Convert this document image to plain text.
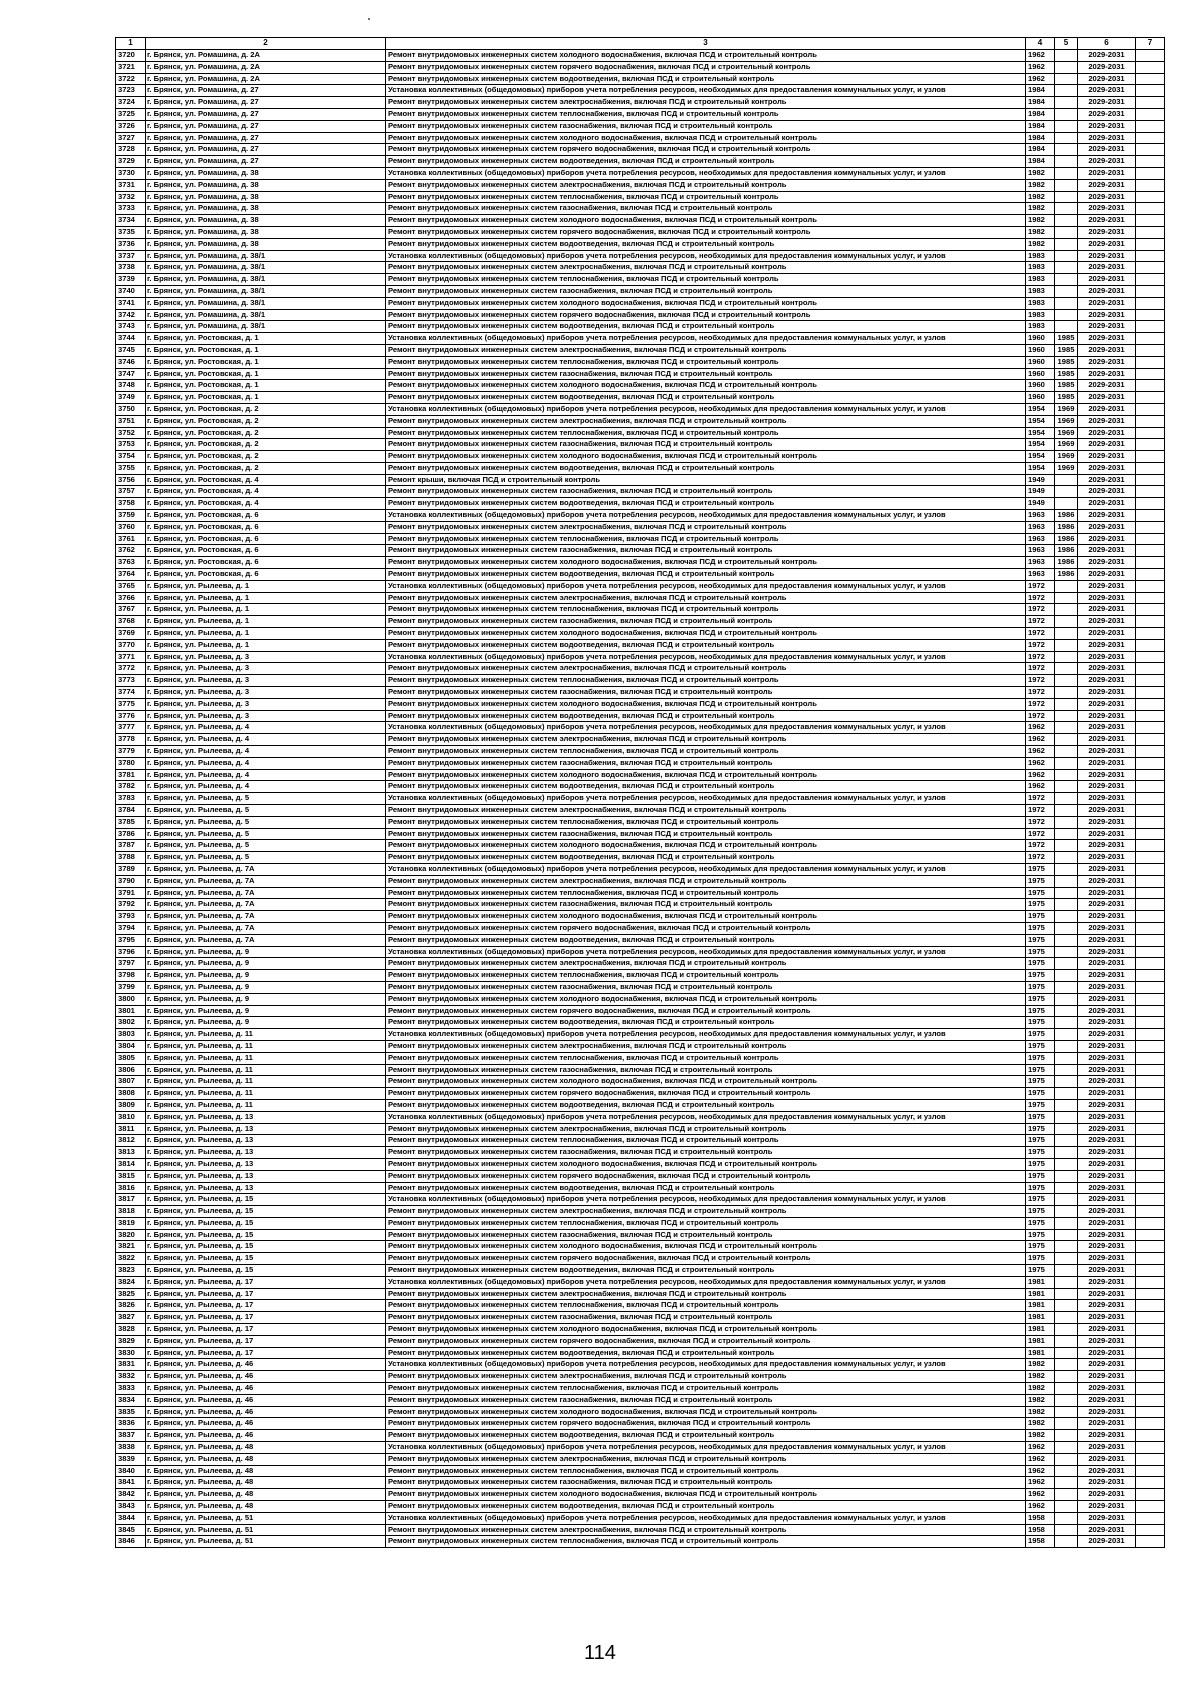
1	2	3	4	5	6	7
3720	г. Брянск, ул. Ромашина, д. 2А	Ремонт внутридомовых инженерных систем холодного водоснабжения, включая ПСД и строительный контроль	1962		2029-2031	
3721	г. Брянск, ул. Ромашина, д. 2А	Ремонт внутридомовых инженерных систем горячего водоснабжения, включая ПСД и строительный контроль	1962		2029-2031	
3722	г. Брянск, ул. Ромашина, д. 2А	Ремонт внутридомовых инженерных систем водоотведения, включая ПСД и строительный контроль	1962		2029-2031	
3723	г. Брянск, ул. Ромашина, д. 27	Установка коллективных (общедомовых) приборов учета потребления ресурсов, необходимых для предоставления коммунальных услуг, и узлов	1984		2029-2031	
3724	г. Брянск, ул. Ромашина, д. 27	Ремонт внутридомовых инженерных систем электроснабжения, включая ПСД и строительный контроль	1984		2029-2031	
3725	г. Брянск, ул. Ромашина, д. 27	Ремонт внутридомовых инженерных систем теплоснабжения, включая ПСД и строительный контроль	1984		2029-2031	
3726	г. Брянск, ул. Ромашина, д. 27	Ремонт внутридомовых инженерных систем газоснабжения, включая ПСД и строительный контроль	1984		2029-2031	
3727	г. Брянск, ул. Ромашина, д. 27	Ремонт внутридомовых инженерных систем холодного водоснабжения, включая ПСД и строительный контроль	1984		2029-2031	
3728	г. Брянск, ул. Ромашина, д. 27	Ремонт внутридомовых инженерных систем горячего водоснабжения, включая ПСД и строительный контроль	1984		2029-2031	
3729	г. Брянск, ул. Ромашина, д. 27	Ремонт внутридомовых инженерных систем водоотведения, включая ПСД и строительный контроль	1984		2029-2031	
3730	г. Брянск, ул. Ромашина, д. 38	Установка коллективных (общедомовых) приборов учета потребления ресурсов, необходимых для предоставления коммунальных услуг, и узлов	1982		2029-2031	
3731	г. Брянск, ул. Ромашина, д. 38	Ремонт внутридомовых инженерных систем электроснабжения, включая ПСД и строительный контроль	1982		2029-2031	
3732	г. Брянск, ул. Ромашина, д. 38	Ремонт внутридомовых инженерных систем теплоснабжения, включая ПСД и строительный контроль	1982		2029-2031	
3733	г. Брянск, ул. Ромашина, д. 38	Ремонт внутридомовых инженерных систем газоснабжения, включая ПСД и строительный контроль	1982		2029-2031	
3734	г. Брянск, ул. Ромашина, д. 38	Ремонт внутридомовых инженерных систем холодного водоснабжения, включая ПСД и строительный контроль	1982		2029-2031	
3735	г. Брянск, ул. Ромашина, д. 38	Ремонт внутридомовых инженерных систем горячего водоснабжения, включая ПСД и строительный контроль	1982		2029-2031	
3736	г. Брянск, ул. Ромашина, д. 38	Ремонт внутридомовых инженерных систем водоотведения, включая ПСД и строительный контроль	1982		2029-2031	
3737	г. Брянск, ул. Ромашина, д. 38/1	Установка коллективных (общедомовых) приборов учета потребления ресурсов, необходимых для предоставления коммунальных услуг, и узлов	1983		2029-2031	
3738	г. Брянск, ул. Ромашина, д. 38/1	Ремонт внутридомовых инженерных систем электроснабжения, включая ПСД и строительный контроль	1983		2029-2031	
3739	г. Брянск, ул. Ромашина, д. 38/1	Ремонт внутридомовых инженерных систем теплоснабжения, включая ПСД и строительный контроль	1983		2029-2031	
3740	г. Брянск, ул. Ромашина, д. 38/1	Ремонт внутридомовых инженерных систем газоснабжения, включая ПСД и строительный контроль	1983		2029-2031	
3741	г. Брянск, ул. Ромашина, д. 38/1	Ремонт внутридомовых инженерных систем холодного водоснабжения, включая ПСД и строительный контроль	1983		2029-2031	
3742	г. Брянск, ул. Ромашина, д. 38/1	Ремонт внутридомовых инженерных систем горячего водоснабжения, включая ПСД и строительный контроль	1983		2029-2031	
3743	г. Брянск, ул. Ромашина, д. 38/1	Ремонт внутридомовых инженерных систем водоотведения, включая ПСД и строительный контроль	1983		2029-2031	
3744	г. Брянск, ул. Ростовская, д. 1	Установка коллективных (общедомовых) приборов учета потребления ресурсов, необходимых для предоставления коммунальных услуг, и узлов	1960	1985	2029-2031	
3745	г. Брянск, ул. Ростовская, д. 1	Ремонт внутридомовых инженерных систем электроснабжения, включая ПСД и строительный контроль	1960	1985	2029-2031	
3746	г. Брянск, ул. Ростовская, д. 1	Ремонт внутридомовых инженерных систем теплоснабжения, включая ПСД и строительный контроль	1960	1985	2029-2031	
3747	г. Брянск, ул. Ростовская, д. 1	Ремонт внутридомовых инженерных систем газоснабжения, включая ПСД и строительный контроль	1960	1985	2029-2031	
3748	г. Брянск, ул. Ростовская, д. 1	Ремонт внутридомовых инженерных систем холодного водоснабжения, включая ПСД и строительный контроль	1960	1985	2029-2031	
3749	г. Брянск, ул. Ростовская, д. 1	Ремонт внутридомовых инженерных систем водоотведения, включая ПСД и строительный контроль	1960	1985	2029-2031	
3750	г. Брянск, ул. Ростовская, д. 2	Установка коллективных (общедомовых) приборов учета потребления ресурсов, необходимых для предоставления коммунальных услуг, и узлов	1954	1969	2029-2031	
3751	г. Брянск, ул. Ростовская, д. 2	Ремонт внутридомовых инженерных систем электроснабжения, включая ПСД и строительный контроль	1954	1969	2029-2031	
3752	г. Брянск, ул. Ростовская, д. 2	Ремонт внутридомовых инженерных систем теплоснабжения, включая ПСД и строительный контроль	1954	1969	2029-2031	
3753	г. Брянск, ул. Ростовская, д. 2	Ремонт внутридомовых инженерных систем газоснабжения, включая ПСД и строительный контроль	1954	1969	2029-2031	
3754	г. Брянск, ул. Ростовская, д. 2	Ремонт внутридомовых инженерных систем холодного водоснабжения, включая ПСД и строительный контроль	1954	1969	2029-2031	
3755	г. Брянск, ул. Ростовская, д. 2	Ремонт внутридомовых инженерных систем водоотведения, включая ПСД и строительный контроль	1954	1969	2029-2031	
3756	г. Брянск, ул. Ростовская, д. 4	Ремонт крыши, включая ПСД и строительный контроль	1949		2029-2031	
3757	г. Брянск, ул. Ростовская, д. 4	Ремонт внутридомовых инженерных систем газоснабжения, включая ПСД и строительный контроль	1949		2029-2031	
3758	г. Брянск, ул. Ростовская, д. 4	Ремонт внутридомовых инженерных систем водоотведения, включая ПСД и строительный контроль	1949		2029-2031	
3759	г. Брянск, ул. Ростовская, д. 6	Установка коллективных (общедомовых) приборов учета потребления ресурсов, необходимых для предоставления коммунальных услуг, и узлов	1963	1986	2029-2031	
3760	г. Брянск, ул. Ростовская, д. 6	Ремонт внутридомовых инженерных систем электроснабжения, включая ПСД и строительный контроль	1963	1986	2029-2031	
3761	г. Брянск, ул. Ростовская, д. 6	Ремонт внутридомовых инженерных систем теплоснабжения, включая ПСД и строительный контроль	1963	1986	2029-2031	
3762	г. Брянск, ул. Ростовская, д. 6	Ремонт внутридомовых инженерных систем газоснабжения, включая ПСД и строительный контроль	1963	1986	2029-2031	
3763	г. Брянск, ул. Ростовская, д. 6	Ремонт внутридомовых инженерных систем холодного водоснабжения, включая ПСД и строительный контроль	1963	1986	2029-2031	
3764	г. Брянск, ул. Ростовская, д. 6	Ремонт внутридомовых инженерных систем водоотведения, включая ПСД и строительный контроль	1963	1986	2029-2031	
3765	г. Брянск, ул. Рылеева, д. 1	Установка коллективных (общедомовых) приборов учета потребления ресурсов, необходимых для предоставления коммунальных услуг, и узлов	1972		2029-2031	
3766	г. Брянск, ул. Рылеева, д. 1	Ремонт внутридомовых инженерных систем электроснабжения, включая ПСД и строительный контроль	1972		2029-2031	
3767	г. Брянск, ул. Рылеева, д. 1	Ремонт внутридомовых инженерных систем теплоснабжения, включая ПСД и строительный контроль	1972		2029-2031	
3768	г. Брянск, ул. Рылеева, д. 1	Ремонт внутридомовых инженерных систем газоснабжения, включая ПСД и строительный контроль	1972		2029-2031	
3769	г. Брянск, ул. Рылеева, д. 1	Ремонт внутридомовых инженерных систем холодного водоснабжения, включая ПСД и строительный контроль	1972		2029-2031	
3770	г. Брянск, ул. Рылеева, д. 1	Ремонт внутридомовых инженерных систем водоотведения, включая ПСД и строительный контроль	1972		2029-2031	
3771	г. Брянск, ул. Рылеева, д. 3	Установка коллективных (общедомовых) приборов учета потребления ресурсов, необходимых для предоставления коммунальных услуг, и узлов	1972		2029-2031	
3772	г. Брянск, ул. Рылеева, д. 3	Ремонт внутридомовых инженерных систем электроснабжения, включая ПСД и строительный контроль	1972		2029-2031	
3773	г. Брянск, ул. Рылеева, д. 3	Ремонт внутридомовых инженерных систем теплоснабжения, включая ПСД и строительный контроль	1972		2029-2031	
3774	г. Брянск, ул. Рылеева, д. 3	Ремонт внутридомовых инженерных систем газоснабжения, включая ПСД и строительный контроль	1972		2029-2031	
3775	г. Брянск, ул. Рылеева, д. 3	Ремонт внутридомовых инженерных систем холодного водоснабжения, включая ПСД и строительный контроль	1972		2029-2031	
3776	г. Брянск, ул. Рылеева, д. 3	Ремонт внутридомовых инженерных систем водоотведения, включая ПСД и строительный контроль	1972		2029-2031	
3777	г. Брянск, ул. Рылеева, д. 4	Установка коллективных (общедомовых) приборов учета потребления ресурсов, необходимых для предоставления коммунальных услуг, и узлов	1962		2029-2031	
3778	г. Брянск, ул. Рылеева, д. 4	Ремонт внутридомовых инженерных систем электроснабжения, включая ПСД и строительный контроль	1962		2029-2031	
3779	г. Брянск, ул. Рылеева, д. 4	Ремонт внутридомовых инженерных систем теплоснабжения, включая ПСД и строительный контроль	1962		2029-2031	
3780	г. Брянск, ул. Рылеева, д. 4	Ремонт внутридомовых инженерных систем газоснабжения, включая ПСД и строительный контроль	1962		2029-2031	
3781	г. Брянск, ул. Рылеева, д. 4	Ремонт внутридомовых инженерных систем холодного водоснабжения, включая ПСД и строительный контроль	1962		2029-2031	
3782	г. Брянск, ул. Рылеева, д. 4	Ремонт внутридомовых инженерных систем водоотведения, включая ПСД и строительный контроль	1962		2029-2031	
3783	г. Брянск, ул. Рылеева, д. 5	Установка коллективных (общедомовых) приборов учета потребления ресурсов, необходимых для предоставления коммунальных услуг, и узлов	1972		2029-2031	
3784	г. Брянск, ул. Рылеева, д. 5	Ремонт внутридомовых инженерных систем электроснабжения, включая ПСД и строительный контроль	1972		2029-2031	
3785	г. Брянск, ул. Рылеева, д. 5	Ремонт внутридомовых инженерных систем теплоснабжения, включая ПСД и строительный контроль	1972		2029-2031	
3786	г. Брянск, ул. Рылеева, д. 5	Ремонт внутридомовых инженерных систем газоснабжения, включая ПСД и строительный контроль	1972		2029-2031	
3787	г. Брянск, ул. Рылеева, д. 5	Ремонт внутридомовых инженерных систем холодного водоснабжения, включая ПСД и строительный контроль	1972		2029-2031	
3788	г. Брянск, ул. Рылеева, д. 5	Ремонт внутридомовых инженерных систем водоотведения, включая ПСД и строительный контроль	1972		2029-2031	
3789	г. Брянск, ул. Рылеева, д. 7А	Установка коллективных (общедомовых) приборов учета потребления ресурсов, необходимых для предоставления коммунальных услуг, и узлов	1975		2029-2031	
3790	г. Брянск, ул. Рылеева, д. 7А	Ремонт внутридомовых инженерных систем электроснабжения, включая ПСД и строительный контроль	1975		2029-2031	
3791	г. Брянск, ул. Рылеева, д. 7А	Ремонт внутридомовых инженерных систем теплоснабжения, включая ПСД и строительный контроль	1975		2029-2031	
3792	г. Брянск, ул. Рылеева, д. 7А	Ремонт внутридомовых инженерных систем газоснабжения, включая ПСД и строительный контроль	1975		2029-2031	
3793	г. Брянск, ул. Рылеева, д. 7А	Ремонт внутридомовых инженерных систем холодного водоснабжения, включая ПСД и строительный контроль	1975		2029-2031	
3794	г. Брянск, ул. Рылеева, д. 7А	Ремонт внутридомовых инженерных систем горячего водоснабжения, включая ПСД и строительный контроль	1975		2029-2031	
3795	г. Брянск, ул. Рылеева, д. 7А	Ремонт внутридомовых инженерных систем водоотведения, включая ПСД и строительный контроль	1975		2029-2031	
3796	г. Брянск, ул. Рылеева, д. 9	Установка коллективных (общедомовых) приборов учета потребления ресурсов, необходимых для предоставления коммунальных услуг, и узлов	1975		2029-2031	
3797	г. Брянск, ул. Рылеева, д. 9	Ремонт внутридомовых инженерных систем электроснабжения, включая ПСД и строительный контроль	1975		2029-2031	
3798	г. Брянск, ул. Рылеева, д. 9	Ремонт внутридомовых инженерных систем теплоснабжения, включая ПСД и строительный контроль	1975		2029-2031	
3799	г. Брянск, ул. Рылеева, д. 9	Ремонт внутридомовых инженерных систем газоснабжения, включая ПСД и строительный контроль	1975		2029-2031	
3800	г. Брянск, ул. Рылеева, д. 9	Ремонт внутридомовых инженерных систем холодного водоснабжения, включая ПСД и строительный контроль	1975		2029-2031	
3801	г. Брянск, ул. Рылеева, д. 9	Ремонт внутридомовых инженерных систем горячего водоснабжения, включая ПСД и строительный контроль	1975		2029-2031	
3802	г. Брянск, ул. Рылеева, д. 9	Ремонт внутридомовых инженерных систем водоотведения, включая ПСД и строительный контроль	1975		2029-2031	
3803	г. Брянск, ул. Рылеева, д. 11	Установка коллективных (общедомовых) приборов учета потребления ресурсов, необходимых для предоставления коммунальных услуг, и узлов	1975		2029-2031	
3804	г. Брянск, ул. Рылеева, д. 11	Ремонт внутридомовых инженерных систем электроснабжения, включая ПСД и строительный контроль	1975		2029-2031	
3805	г. Брянск, ул. Рылеева, д. 11	Ремонт внутридомовых инженерных систем теплоснабжения, включая ПСД и строительный контроль	1975		2029-2031	
3806	г. Брянск, ул. Рылеева, д. 11	Ремонт внутридомовых инженерных систем газоснабжения, включая ПСД и строительный контроль	1975		2029-2031	
3807	г. Брянск, ул. Рылеева, д. 11	Ремонт внутридомовых инженерных систем холодного водоснабжения, включая ПСД и строительный контроль	1975		2029-2031	
3808	г. Брянск, ул. Рылеева, д. 11	Ремонт внутридомовых инженерных систем горячего водоснабжения, включая ПСД и строительный контроль	1975		2029-2031	
3809	г. Брянск, ул. Рылеева, д. 11	Ремонт внутридомовых инженерных систем водоотведения, включая ПСД и строительный контроль	1975		2029-2031	
3810	г. Брянск, ул. Рылеева, д. 13	Установка коллективных (общедомовых) приборов учета потребления ресурсов, необходимых для предоставления коммунальных услуг, и узлов	1975		2029-2031	
3811	г. Брянск, ул. Рылеева, д. 13	Ремонт внутридомовых инженерных систем электроснабжения, включая ПСД и строительный контроль	1975		2029-2031	
3812	г. Брянск, ул. Рылеева, д. 13	Ремонт внутридомовых инженерных систем теплоснабжения, включая ПСД и строительный контроль	1975		2029-2031	
3813	г. Брянск, ул. Рылеева, д. 13	Ремонт внутридомовых инженерных систем газоснабжения, включая ПСД и строительный контроль	1975		2029-2031	
3814	г. Брянск, ул. Рылеева, д. 13	Ремонт внутридомовых инженерных систем холодного водоснабжения, включая ПСД и строительный контроль	1975		2029-2031	
3815	г. Брянск, ул. Рылеева, д. 13	Ремонт внутридомовых инженерных систем горячего водоснабжения, включая ПСД и строительный контроль	1975		2029-2031	
3816	г. Брянск, ул. Рылеева, д. 13	Ремонт внутридомовых инженерных систем водоотведения, включая ПСД и строительный контроль	1975		2029-2031	
3817	г. Брянск, ул. Рылеева, д. 15	Установка коллективных (общедомовых) приборов учета потребления ресурсов, необходимых для предоставления коммунальных услуг, и узлов	1975		2029-2031	
3818	г. Брянск, ул. Рылеева, д. 15	Ремонт внутридомовых инженерных систем электроснабжения, включая ПСД и строительный контроль	1975		2029-2031	
3819	г. Брянск, ул. Рылеева, д. 15	Ремонт внутридомовых инженерных систем теплоснабжения, включая ПСД и строительный контроль	1975		2029-2031	
3820	г. Брянск, ул. Рылеева, д. 15	Ремонт внутридомовых инженерных систем газоснабжения, включая ПСД и строительный контроль	1975		2029-2031	
3821	г. Брянск, ул. Рылеева, д. 15	Ремонт внутридомовых инженерных систем холодного водоснабжения, включая ПСД и строительный контроль	1975		2029-2031	
3822	г. Брянск, ул. Рылеева, д. 15	Ремонт внутридомовых инженерных систем горячего водоснабжения, включая ПСД и строительный контроль	1975		2029-2031	
3823	г. Брянск, ул. Рылеева, д. 15	Ремонт внутридомовых инженерных систем водоотведения, включая ПСД и строительный контроль	1975		2029-2031	
3824	г. Брянск, ул. Рылеева, д. 17	Установка коллективных (общедомовых) приборов учета потребления ресурсов, необходимых для предоставления коммунальных услуг, и узлов	1981		2029-2031	
3825	г. Брянск, ул. Рылеева, д. 17	Ремонт внутридомовых инженерных систем электроснабжения, включая ПСД и строительный контроль	1981		2029-2031	
3826	г. Брянск, ул. Рылеева, д. 17	Ремонт внутридомовых инженерных систем теплоснабжения, включая ПСД и строительный контроль	1981		2029-2031	
3827	г. Брянск, ул. Рылеева, д. 17	Ремонт внутридомовых инженерных систем газоснабжения, включая ПСД и строительный контроль	1981		2029-2031	
3828	г. Брянск, ул. Рылеева, д. 17	Ремонт внутридомовых инженерных систем холодного водоснабжения, включая ПСД и строительный контроль	1981		2029-2031	
3829	г. Брянск, ул. Рылеева, д. 17	Ремонт внутридомовых инженерных систем горячего водоснабжения, включая ПСД и строительный контроль	1981		2029-2031	
3830	г. Брянск, ул. Рылеева, д. 17	Ремонт внутридомовых инженерных систем водоотведения, включая ПСД и строительный контроль	1981		2029-2031	
3831	г. Брянск, ул. Рылеева, д. 46	Установка коллективных (общедомовых) приборов учета потребления ресурсов, необходимых для предоставления коммунальных услуг, и узлов	1982		2029-2031	
3832	г. Брянск, ул. Рылеева, д. 46	Ремонт внутридомовых инженерных систем электроснабжения, включая ПСД и строительный контроль	1982		2029-2031	
3833	г. Брянск, ул. Рылеева, д. 46	Ремонт внутридомовых инженерных систем теплоснабжения, включая ПСД и строительный контроль	1982		2029-2031	
3834	г. Брянск, ул. Рылеева, д. 46	Ремонт внутридомовых инженерных систем газоснабжения, включая ПСД и строительный контроль	1982		2029-2031	
3835	г. Брянск, ул. Рылеева, д. 46	Ремонт внутридомовых инженерных систем холодного водоснабжения, включая ПСД и строительный контроль	1982		2029-2031	
3836	г. Брянск, ул. Рылеева, д. 46	Ремонт внутридомовых инженерных систем горячего водоснабжения, включая ПСД и строительный контроль	1982		2029-2031	
3837	г. Брянск, ул. Рылеева, д. 46	Ремонт внутридомовых инженерных систем водоотведения, включая ПСД и строительный контроль	1982		2029-2031	
3838	г. Брянск, ул. Рылеева, д. 48	Установка коллективных (общедомовых) приборов учета потребления ресурсов, необходимых для предоставления коммунальных услуг, и узлов	1962		2029-2031	
3839	г. Брянск, ул. Рылеева, д. 48	Ремонт внутридомовых инженерных систем электроснабжения, включая ПСД и строительный контроль	1962		2029-2031	
3840	г. Брянск, ул. Рылеева, д. 48	Ремонт внутридомовых инженерных систем теплоснабжения, включая ПСД и строительный контроль	1962		2029-2031	
3841	г. Брянск, ул. Рылеева, д. 48	Ремонт внутридомовых инженерных систем газоснабжения, включая ПСД и строительный контроль	1962		2029-2031	
3842	г. Брянск, ул. Рылеева, д. 48	Ремонт внутридомовых инженерных систем холодного водоснабжения, включая ПСД и строительный контроль	1962		2029-2031	
3843	г. Брянск, ул. Рылеева, д. 48	Ремонт внутридомовых инженерных систем водоотведения, включая ПСД и строительный контроль	1962		2029-2031	
3844	г. Брянск, ул. Рылеева, д. 51	Установка коллективных (общедомовых) приборов учета потребления ресурсов, необходимых для предоставления коммунальных услуг, и узлов	1958		2029-2031	
3845	г. Брянск, ул. Рылеева, д. 51	Ремонт внутридомовых инженерных систем электроснабжения, включая ПСД и строительный контроль	1958		2029-2031	
3846	г. Брянск, ул. Рылеева, д. 51	Ремонт внутридомовых инженерных систем теплоснабжения, включая ПСД и строительный контроль	1958		2029-2031	
114
